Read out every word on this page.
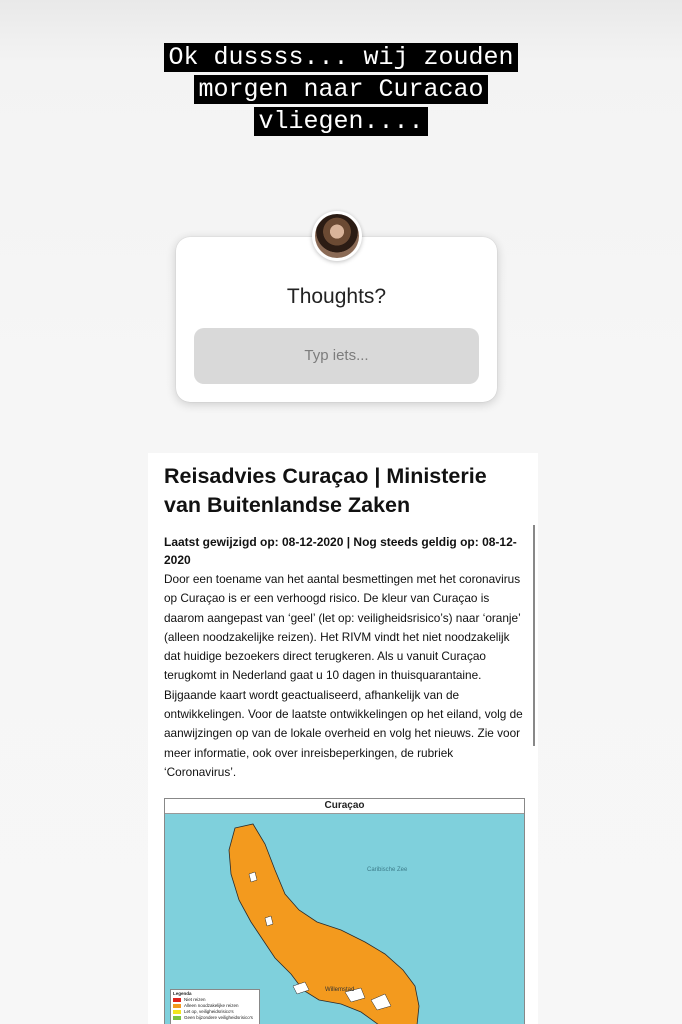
Ok dussss... wij zouden
morgen naar Curacao
vliegen....
Thoughts?
Typ iets...
Reisadvies Curaçao | Ministerie van Buitenlandse Zaken
Laatst gewijzigd op: 08-12-2020 | Nog steeds geldig op: 08-12-2020
Door een toename van het aantal besmettingen met het coronavirus op Curaçao is er een verhoogd risico. De kleur van Curaçao is daarom aangepast van ‘geel’ (let op: veiligheidsrisico’s) naar ‘oranje’ (alleen noodzakelijke reizen). Het RIVM vindt het niet noodzakelijk dat huidige bezoekers direct terugkeren. Als u vanuit Curaçao terugkomt in Nederland gaat u 10 dagen in thuisquarantaine. Bijgaande kaart wordt geactualiseerd, afhankelijk van de ontwikkelingen. Voor de laatste ontwikkelingen op het eiland, volg de aanwijzingen op van de lokale overheid en volg het nieuws. Zie voor meer informatie, ook over inreisbeperkingen, de rubriek ‘Coronavirus’.
Curaçao
Caribische Zee
Willemstad
Legenda
Niet reizen
Alleen noodzakelijke reizen
Let op, veiligheidsrisico's
Geen bijzondere veiligheidsrisico's
